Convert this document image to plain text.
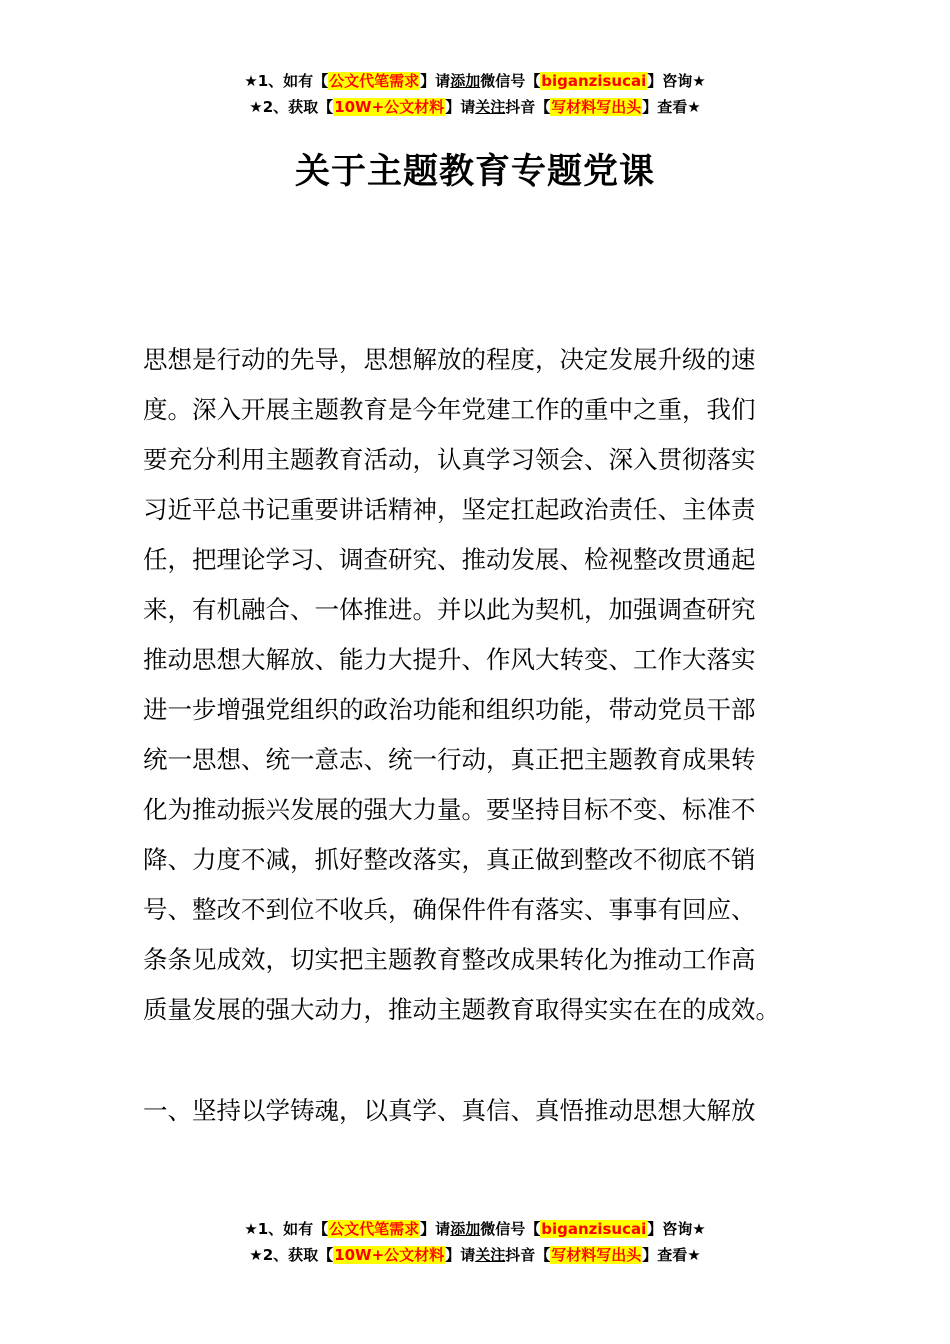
★1、如有【公文代笔需求】请添加微信号【biganzisucai】咨询★
★2、获取【10W+公文材料】请关注抖音【写材料写出头】查看★
关于主题教育专题党课
思想是行动的先导，思想解放的程度，决定发展升级的速
度。深入开展主题教育是今年党建工作的重中之重，我们
要充分利用主题教育活动，认真学习领会、深入贯彻落实
习近平总书记重要讲话精神，坚定扛起政治责任、主体责
任，把理论学习、调查研究、推动发展、检视整改贯通起
来，有机融合、一体推进。并以此为契机，加强调查研究
推动思想大解放、能力大提升、作风大转变、工作大落实
进一步增强党组织的政治功能和组织功能，带动党员干部
统一思想、统一意志、统一行动，真正把主题教育成果转
化为推动振兴发展的强大力量。要坚持目标不变、标准不
降、力度不减，抓好整改落实，真正做到整改不彻底不销
号、整改不到位不收兵，确保件件有落实、事事有回应、
条条见成效，切实把主题教育整改成果转化为推动工作高
质量发展的强大动力，推动主题教育取得实实在在的成效。
一、坚持以学铸魂，以真学、真信、真悟推动思想大解放
★1、如有【公文代笔需求】请添加微信号【biganzisucai】咨询★
★2、获取【10W+公文材料】请关注抖音【写材料写出头】查看★
